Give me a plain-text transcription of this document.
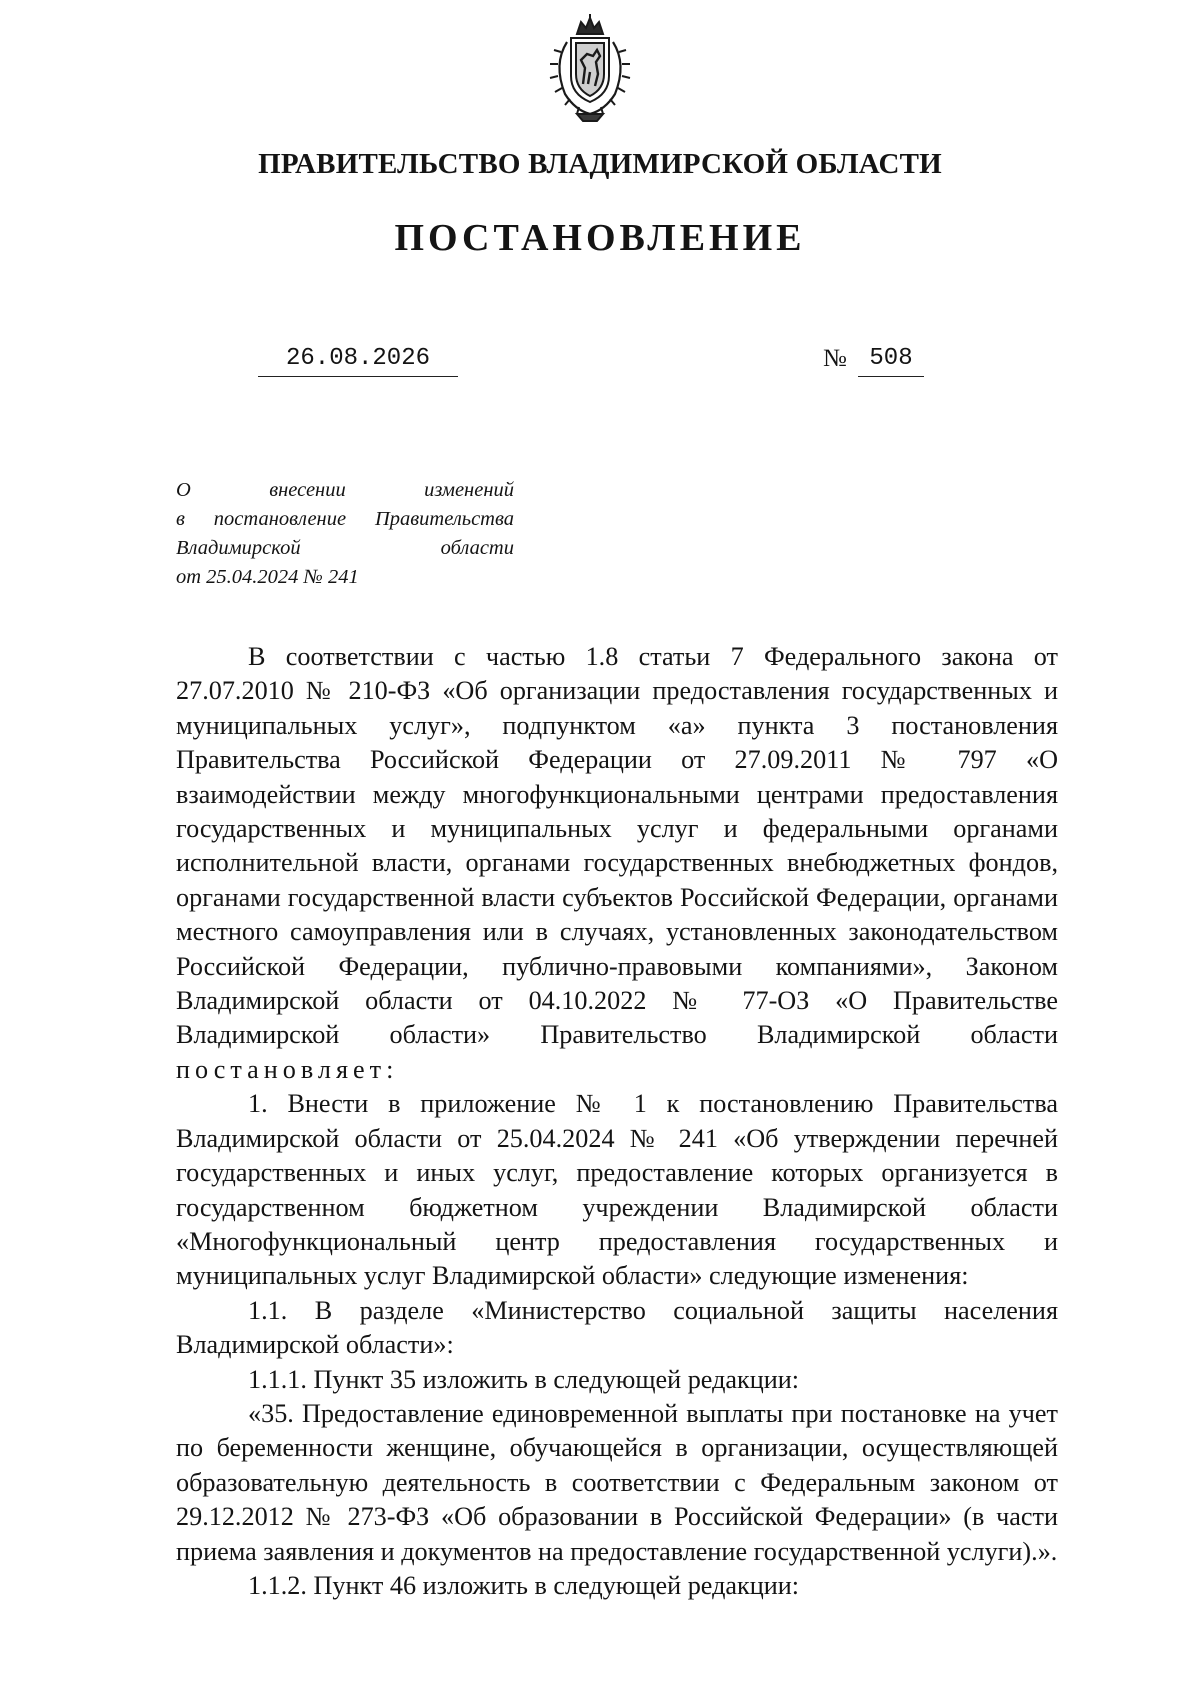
ПРАВИТЕЛЬСТВО ВЛАДИМИРСКОЙ ОБЛАСТИ
ПОСТАНОВЛЕНИЕ
26.08.2026	№ 508
О внесении изменений
в постановление Правительства
Владимирской области
от 25.04.2024 № 241

В соответствии с частью 1.8 статьи 7 Федерального закона от 27.07.2010 № 210-ФЗ «Об организации предоставления государственных и муниципальных услуг», подпунктом «а» пункта 3 постановления Правительства Российской Федерации от 27.09.2011 № 797 «О взаимодействии между многофункциональными центрами предоставления государственных и муниципальных услуг и федеральными органами исполнительной власти, органами государственных внебюджетных фондов, органами государственной власти субъектов Российской Федерации, органами местного самоуправления или в случаях, установленных законодательством Российской Федерации, публично-правовыми компаниями», Законом Владимирской области от 04.10.2022 № 77-ОЗ «О Правительстве Владимирской области» Правительство Владимирской области постановляет:

1. Внести в приложение № 1 к постановлению Правительства Владимирской области от 25.04.2024 № 241 «Об утверждении перечней государственных и иных услуг, предоставление которых организуется в государственном бюджетном учреждении Владимирской области «Многофункциональный центр предоставления государственных и муниципальных услуг Владимирской области» следующие изменения:

1.1. В разделе «Министерство социальной защиты населения Владимирской области»:

1.1.1. Пункт 35 изложить в следующей редакции:

«35. Предоставление единовременной выплаты при постановке на учет по беременности женщине, обучающейся в организации, осуществляющей образовательную деятельность в соответствии с Федеральным законом от 29.12.2012 № 273-ФЗ «Об образовании в Российской Федерации» (в части приема заявления и документов на предоставление государственной услуги).».

1.1.2. Пункт 46 изложить в следующей редакции:
